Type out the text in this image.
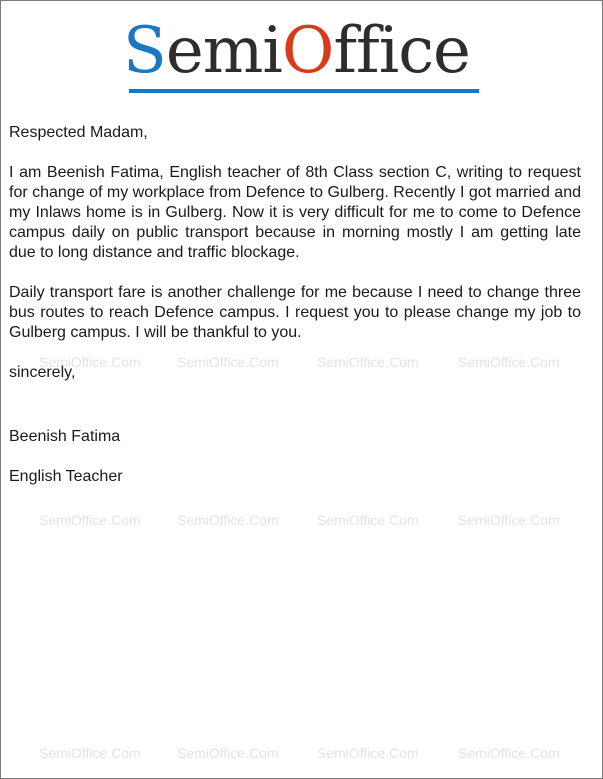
SemiOffice
SemiOffice.Com	SemiOffice.Com	SemiOffice.Com	SemiOffice.Com
SemiOffice.Com	SemiOffice.Com	SemiOffice.Com	SemiOffice.Com
SemiOffice.Com	SemiOffice.Com	SemiOffice.Com	SemiOffice.Com

Respected Madam,

I am Beenish Fatima, English teacher of 8th Class section C, writing to request for change of my workplace from Defence to Gulberg. Recently I got married and my Inlaws home is in Gulberg. Now it is very difficult for me to come to Defence campus daily on public transport because in morning mostly I am getting late due to long distance and traffic blockage.

Daily transport fare is another challenge for me because I need to change three bus routes to reach Defence campus. I request you to please change my job to Gulberg campus. I will be thankful to you.

sincerely,

Beenish Fatima

English Teacher
